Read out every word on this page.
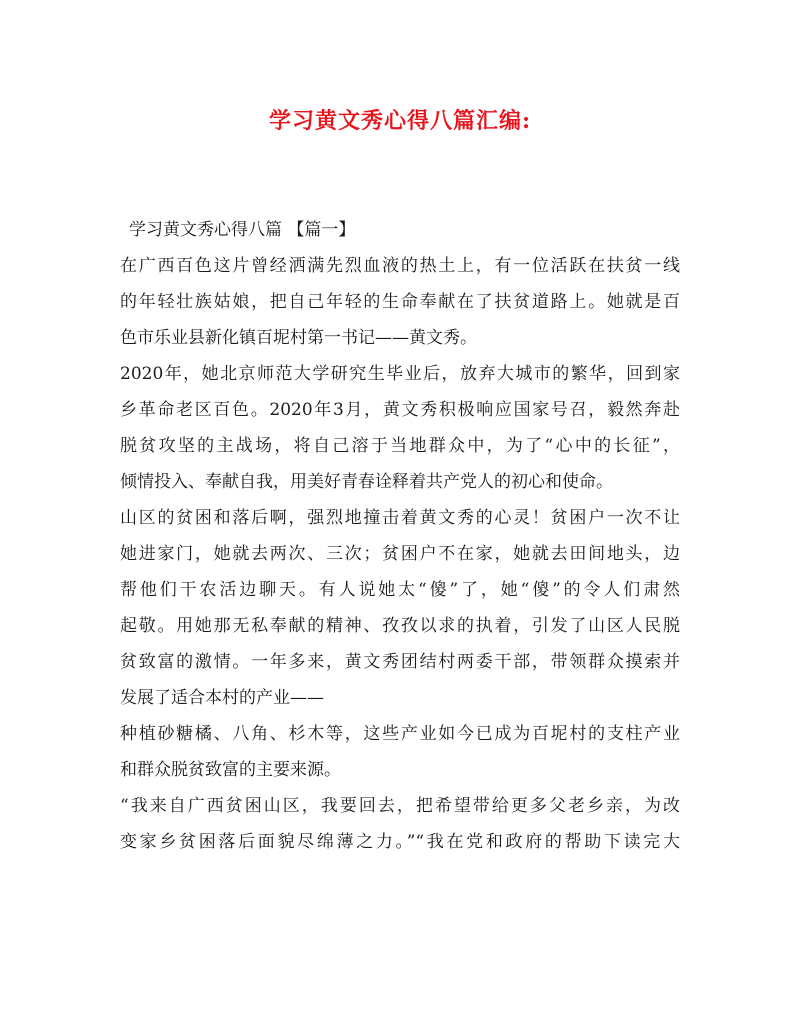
学习黄文秀心得八篇汇编:

学习黄文秀心得八篇 【篇一】

在广西百色这片曾经洒满先烈血液的热土上，有一位活跃在扶贫一线
的年轻壮族姑娘，把自己年轻的生命奉献在了扶贫道路上。她就是百
色市乐业县新化镇百坭村第一书记——黄文秀。

2020年，她北京师范大学研究生毕业后，放弃大城市的繁华，回到家
乡革命老区百色。2020年3月，黄文秀积极响应国家号召，毅然奔赴
脱贫攻坚的主战场，将自己溶于当地群众中，为了“心中的长征”，
倾情投入、奉献自我，用美好青春诠释着共产党人的初心和使命。

山区的贫困和落后啊，强烈地撞击着黄文秀的心灵！贫困户一次不让
她进家门，她就去两次、三次；贫困户不在家，她就去田间地头，边
帮他们干农活边聊天。有人说她太“傻”了，她“傻”的令人们肃然
起敬。用她那无私奉献的精神、孜孜以求的执着，引发了山区人民脱
贫致富的激情。一年多来，黄文秀团结村两委干部，带领群众摸索并
发展了适合本村的产业——

种植砂糖橘、八角、杉木等，这些产业如今已成为百坭村的支柱产业
和群众脱贫致富的主要来源。

“我来自广西贫困山区，我要回去，把希望带给更多父老乡亲，为改
变家乡贫困落后面貌尽绵薄之力。”“我在党和政府的帮助下读完大
